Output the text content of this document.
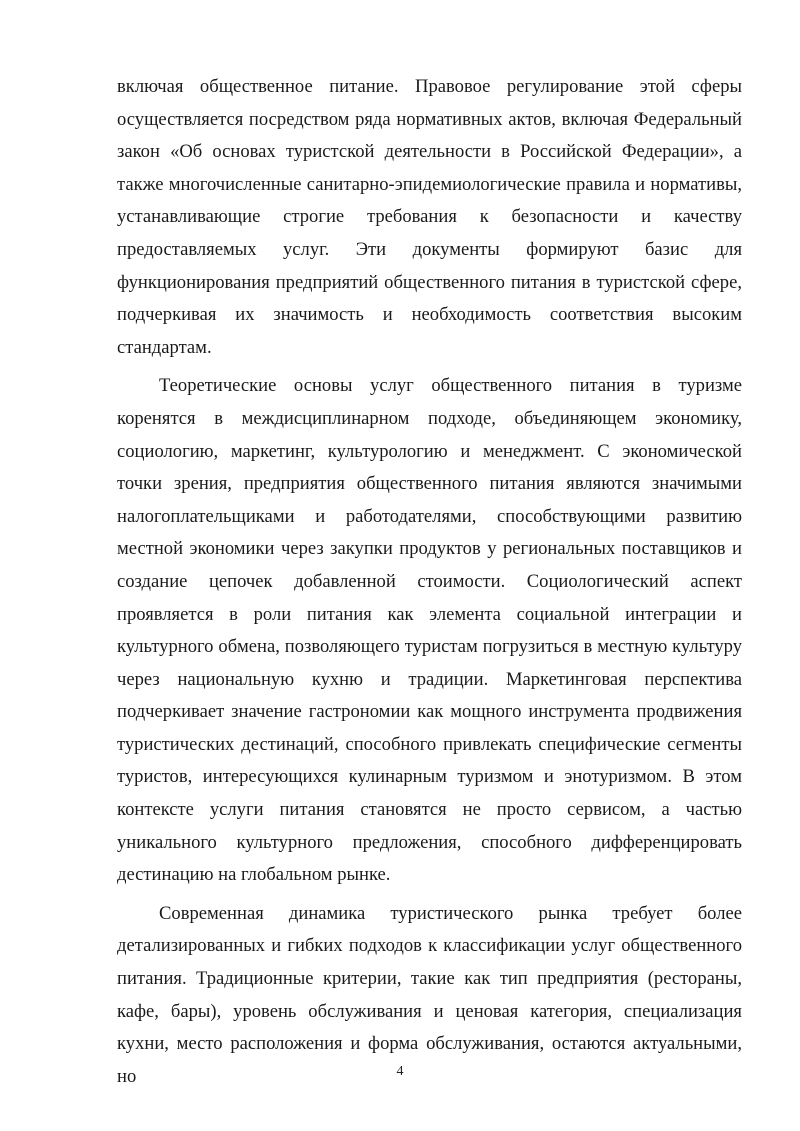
включая общественное питание. Правовое регулирование этой сферы осуществляется посредством ряда нормативных актов, включая Федеральный закон «Об основах туристской деятельности в Российской Федерации», а также многочисленные санитарно-эпидемиологические правила и нормативы, устанавливающие строгие требования к безопасности и качеству предоставляемых услуг. Эти документы формируют базис для функционирования предприятий общественного питания в туристской сфере, подчеркивая их значимость и необходимость соответствия высоким стандартам.

Теоретические основы услуг общественного питания в туризме коренятся в междисциплинарном подходе, объединяющем экономику, социологию, маркетинг, культурологию и менеджмент. С экономической точки зрения, предприятия общественного питания являются значимыми налогоплательщиками и работодателями, способствующими развитию местной экономики через закупки продуктов у региональных поставщиков и создание цепочек добавленной стоимости. Социологический аспект проявляется в роли питания как элемента социальной интеграции и культурного обмена, позволяющего туристам погрузиться в местную культуру через национальную кухню и традиции. Маркетинговая перспектива подчеркивает значение гастрономии как мощного инструмента продвижения туристических дестинаций, способного привлекать специфические сегменты туристов, интересующихся кулинарным туризмом и энотуризмом. В этом контексте услуги питания становятся не просто сервисом, а частью уникального культурного предложения, способного дифференцировать дестинацию на глобальном рынке.

Современная динамика туристического рынка требует более детализированных и гибких подходов к классификации услуг общественного питания. Традиционные критерии, такие как тип предприятия (рестораны, кафе, бары), уровень обслуживания и ценовая категория, специализация кухни, место расположения и форма обслуживания, остаются актуальными, но	4
